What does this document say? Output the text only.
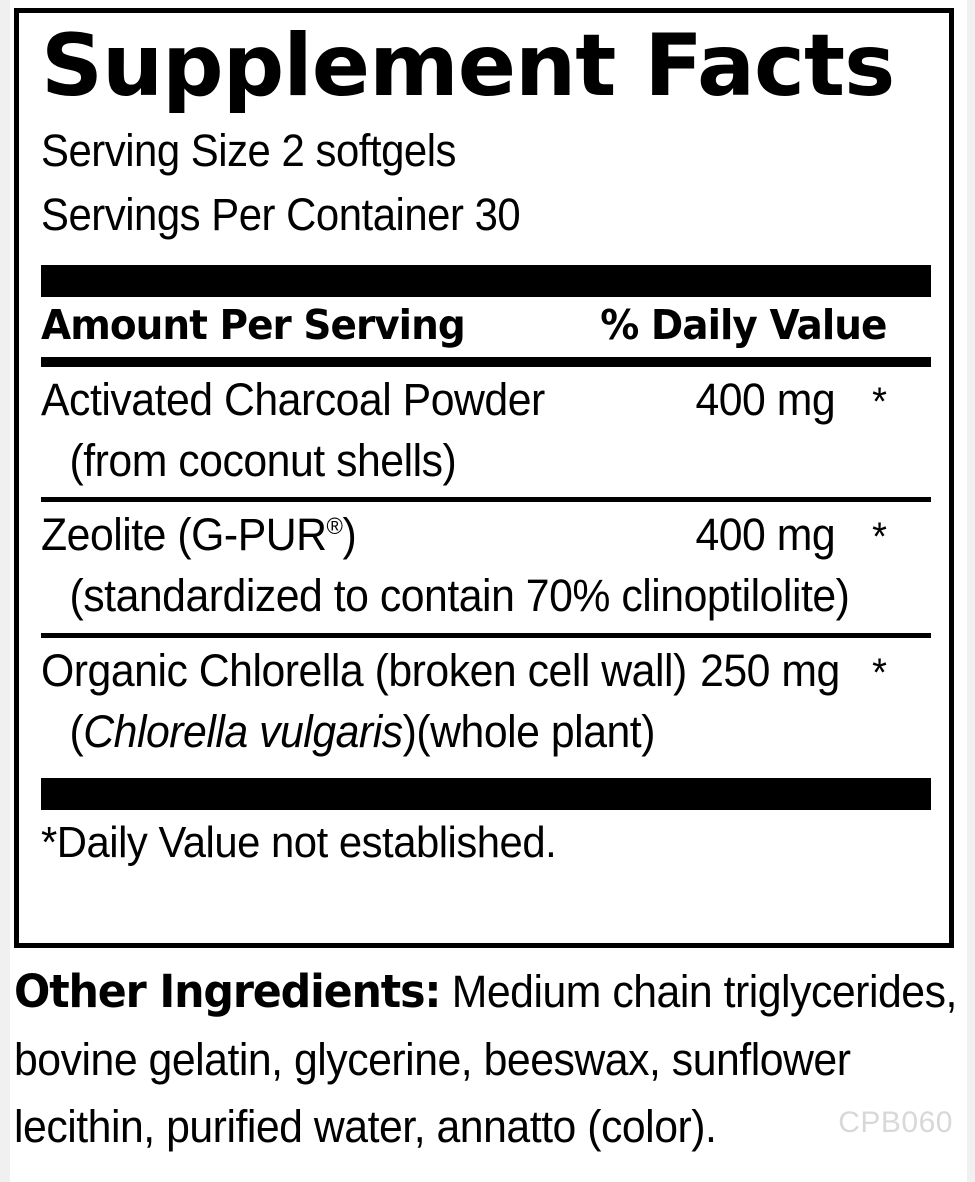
Supplement Facts
Serving Size 2 softgels
Servings Per Container 30
Amount Per Serving	% Daily Value
Activated Charcoal Powder	400 mg *
(from coconut shells)
Zeolite (G-PUR®)	400 mg *
(standardized to contain 70% clinoptilolite)
Organic Chlorella (broken cell wall) 250 mg *
(Chlorella vulgaris)(whole plant)
*Daily Value not established.

Other Ingredients: Medium chain triglycerides,

bovine gelatin, glycerine, beeswax, sunflower

lecithin, purified water, annatto (color).	CPB060
